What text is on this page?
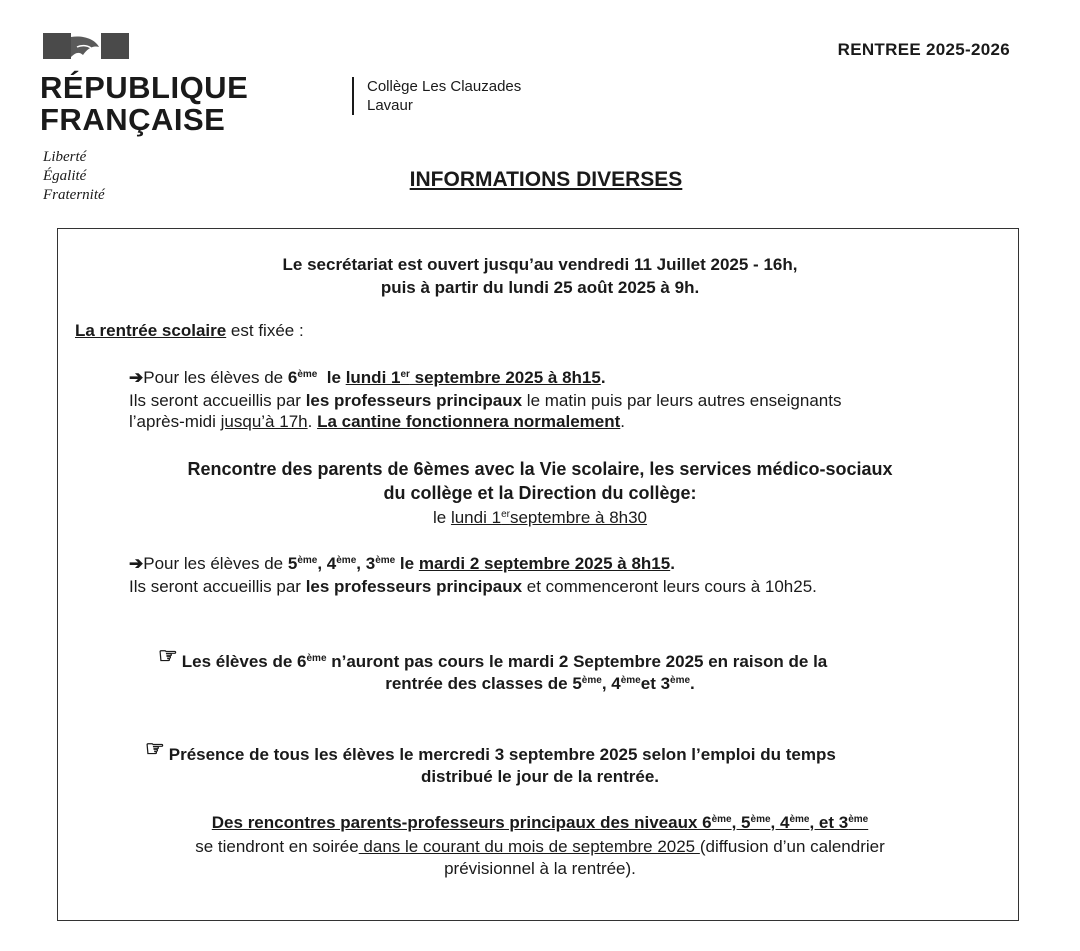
RÉPUBLIQUE
FRANÇAISE
Liberté
Égalité
Fraternité
RENTREE 2025-2026
Collège Les Clauzades
Lavaur
INFORMATIONS DIVERSES
Le secrétariat est ouvert jusqu’au vendredi 11 Juillet 2025 - 16h,
puis à partir du lundi 25 août 2025 à 9h.
La rentrée scolaire est fixée :
➔Pour les élèves de 6ème le lundi 1er septembre 2025 à 8h15.
Ils seront accueillis par les professeurs principaux le matin puis par leurs autres enseignants
l’après-midi jusqu’à 17h. La cantine fonctionnera normalement.
Rencontre des parents de 6èmes avec la Vie scolaire, les services médico-sociaux
du collège et la Direction du collège:
le lundi 1erseptembre à 8h30
➔Pour les élèves de 5ème, 4ème, 3ème le mardi 2 septembre 2025 à 8h15.
Ils seront accueillis par les professeurs principaux et commenceront leurs cours à 10h25.
☞ Les élèves de 6ème n’auront pas cours le mardi 2 Septembre 2025 en raison de la
rentrée des classes de 5ème, 4èmeet 3ème.
☞ Présence de tous les élèves le mercredi 3 septembre 2025 selon l’emploi du temps
distribué le jour de la rentrée.
Des rencontres parents-professeurs principaux des niveaux 6ème, 5ème, 4ème, et 3ème
se tiendront en soirée dans le courant du mois de septembre 2025 (diffusion d’un calendrier
prévisionnel à la rentrée).
